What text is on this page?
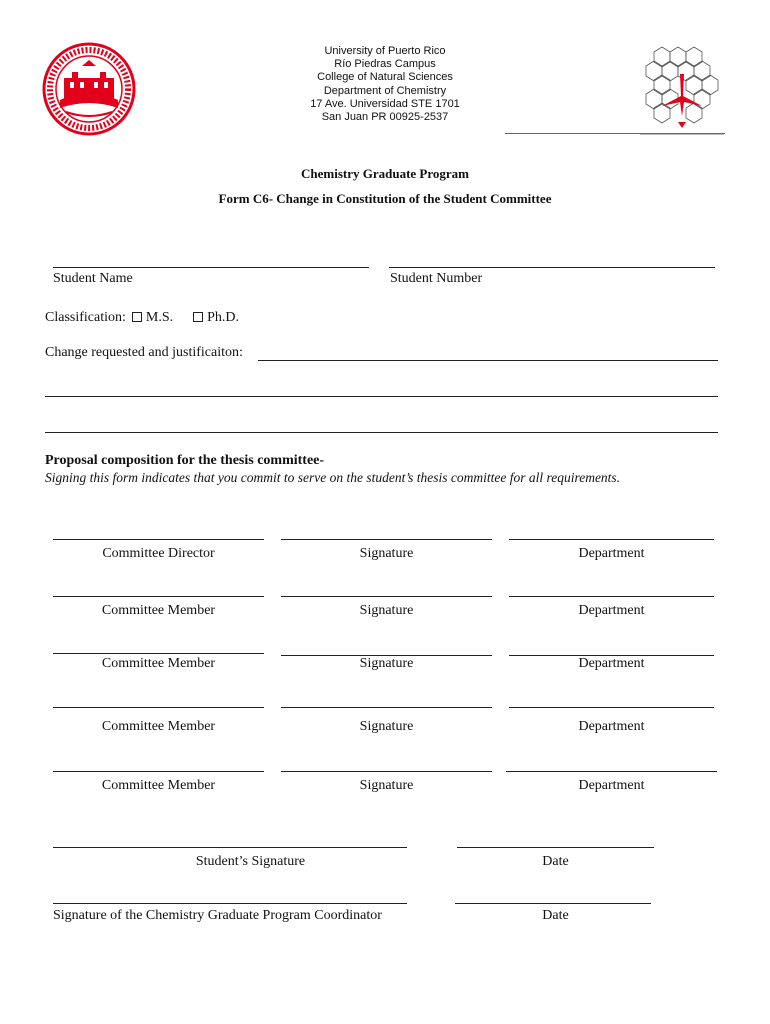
University of Puerto Rico
Río Piedras Campus
College of Natural Sciences
Department of Chemistry
17 Ave. Universidad STE 1701
San Juan PR 00925-2537
Chemistry Graduate Program
Form C6- Change in Constitution of the Student Committee
Student Name	Student Number
Classification: M.S. Ph.D.
Change requested and justificaiton:
Proposal composition for the thesis committee-
Signing this form indicates that you commit to serve on the student’s thesis committee for all requirements.
Committee Director	Signature	Department
Committee Member	Signature	Department
Committee Member	Signature	Department
Committee Member	Signature	Department
Committee Member	Signature	Department
Student’s Signature	Date
Signature of the Chemistry Graduate Program Coordinator	Date
